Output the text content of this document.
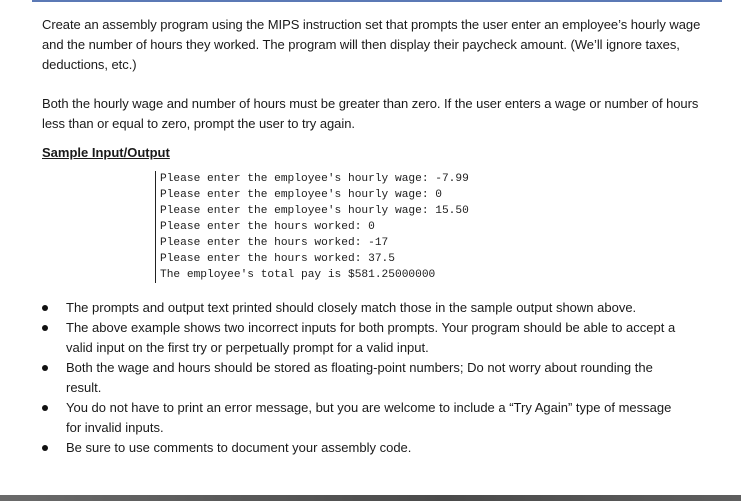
Create an assembly program using the MIPS instruction set that prompts the user enter an employee’s hourly wage and the number of hours they worked. The program will then display their paycheck amount. (We’ll ignore taxes, deductions, etc.)

Both the hourly wage and number of hours must be greater than zero. If the user enters a wage or number of hours less than or equal to zero, prompt the user to try again.

Sample Input/Output

Please enter the employee's hourly wage: -7.99
Please enter the employee's hourly wage: 0
Please enter the employee's hourly wage: 15.50
Please enter the hours worked: 0
Please enter the hours worked: -17
Please enter the hours worked: 37.5
The employee's total pay is $581.25000000
The prompts and output text printed should closely match those in the sample output shown above.
The above example shows two incorrect inputs for both prompts. Your program should be able to accept a valid input on the first try or perpetually prompt for a valid input.
Both the wage and hours should be stored as floating-point numbers; Do not worry about rounding the result.
You do not have to print an error message, but you are welcome to include a “Try Again” type of message for invalid inputs.
Be sure to use comments to document your assembly code.
